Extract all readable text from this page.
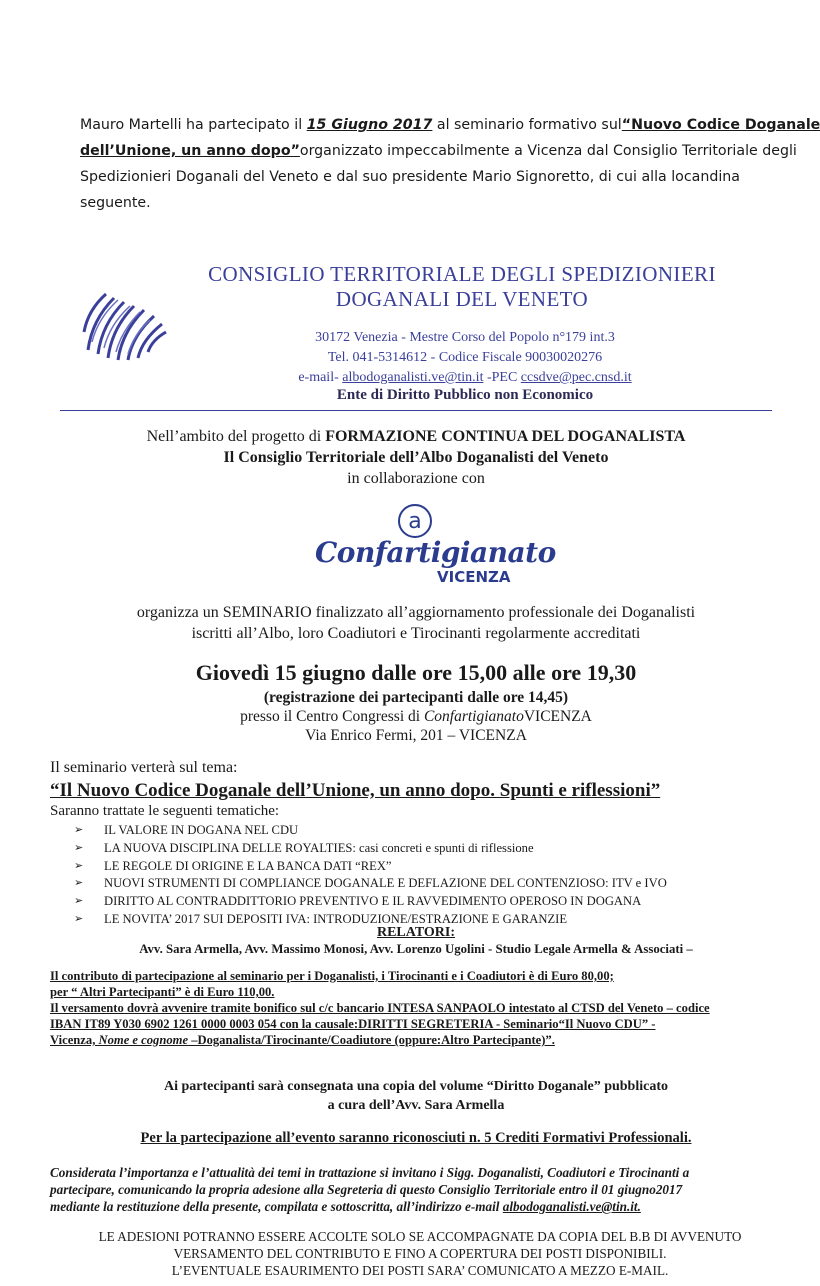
Mauro Martelli ha partecipato il 15 Giugno 2017 al seminario formativo sul “Nuovo Codice Doganale
dell’Unione, un anno dopo” organizzato impeccabilmente a Vicenza dal Consiglio Territoriale degli

Spedizionieri Doganali del Veneto e dal suo presidente Mario Signoretto, di cui alla locandina seguente.

CONSIGLIO TERRITORIALE DEGLI SPEDIZIONIERI
DOGANALI DEL VENETO
30172 Venezia - Mestre Corso del Popolo n°179 int.3
Tel. 041-5314612 - Codice Fiscale 90030020276
e-mail- albodoganalisti.ve@tin.it -PEC ccsdve@pec.cnsd.it
Ente di Diritto Pubblico non Economico
Nell’ambito del progetto di FORMAZIONE CONTINUA DEL DOGANALISTA
Il Consiglio Territoriale dell’Albo Doganalisti del Veneto
in collaborazione con
a
Confartigianato
VICENZA
organizza un SEMINARIO finalizzato all’aggiornamento professionale dei Doganalisti
iscritti all’Albo, loro Coadiutori e Tirocinanti regolarmente accreditati
Giovedì 15 giugno dalle ore 15,00 alle ore 19,30
(registrazione dei partecipanti dalle ore 14,45)
presso il Centro Congressi di ConfartigianatoVICENZA
Via Enrico Fermi, 201 – VICENZA
Il seminario verterà sul tema:
“Il Nuovo Codice Doganale dell’Unione, un anno dopo. Spunti e riflessioni”
Saranno trattate le seguenti tematiche:
➢	IL VALORE IN DOGANA NEL CDU
➢	LA NUOVA DISCIPLINA DELLE ROYALTIES: casi concreti e spunti di riflessione
➢	LE REGOLE DI ORIGINE E LA BANCA DATI “REX”
➢	NUOVI STRUMENTI DI COMPLIANCE DOGANALE E DEFLAZIONE DEL CONTENZIOSO: ITV e IVO
➢	DIRITTO AL CONTRADDITTORIO PREVENTIVO E IL RAVVEDIMENTO OPEROSO IN DOGANA
➢	LE NOVITA’ 2017 SUI DEPOSITI IVA: INTRODUZIONE/ESTRAZIONE E GARANZIE
RELATORI:
Avv. Sara Armella, Avv. Massimo Monosi, Avv. Lorenzo Ugolini - Studio Legale Armella & Associati –

Il contributo di partecipazione al seminario per i Doganalisti, i Tirocinanti e i Coadiutori è di Euro 80,00;

per “ Altri Partecipanti” è di Euro 110,00.

Il versamento dovrà avvenire tramite bonifico sul c/c bancario INTESA SANPAOLO intestato al CTSD del Veneto – codice

IBAN IT89 Y030 6902 1261 0000 0003 054 con la causale:DIRITTI SEGRETERIA - Seminario“Il Nuovo CDU” -

Vicenza, Nome e cognome –Doganalista/Tirocinante/Coadiutore (oppure:Altro Partecipante)”.

Ai partecipanti sarà consegnata una copia del volume “Diritto Doganale” pubblicato
a cura dell’Avv. Sara Armella
Per la partecipazione all’evento saranno riconosciuti n. 5 Crediti Formativi Professionali.

Considerata l’importanza e l’attualità dei temi in trattazione si invitano i Sigg. Doganalisti, Coadiutori e Tirocinanti a

partecipare, comunicando la propria adesione alla Segreteria di questo Consiglio Territoriale entro il 01 giugno2017

mediante la restituzione della presente, compilata e sottoscritta, all’indirizzo e-mail albodoganalisti.ve@tin.it.

LE ADESIONI POTRANNO ESSERE ACCOLTE SOLO SE ACCOMPAGNATE DA COPIA DEL B.B DI AVVENUTO

VERSAMENTO DEL CONTRIBUTO E FINO A COPERTURA DEI POSTI DISPONIBILI.

L’EVENTUALE ESAURIMENTO DEI POSTI SARA’ COMUNICATO A MEZZO E-MAIL.
